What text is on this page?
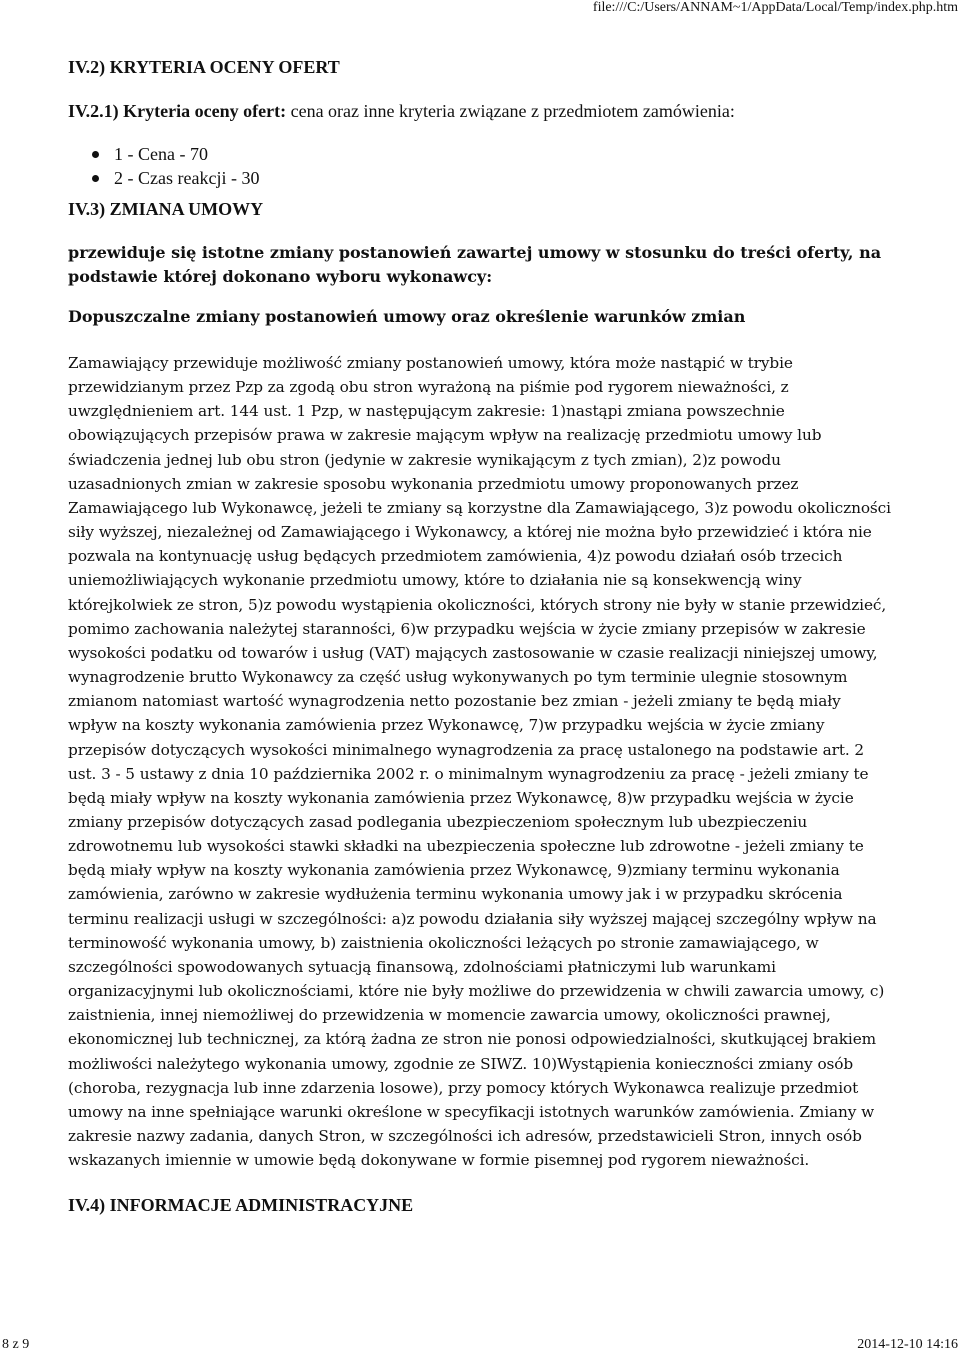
file:///C:/Users/ANNAM~1/AppData/Local/Temp/index.php.htm

IV.2) KRYTERIA OCENY OFERT

IV.2.1) Kryteria oceny ofert: cena oraz inne kryteria związane z przedmiotem zamówienia:

1 - Cena - 70
2 - Czas reakcji - 30

IV.3) ZMIANA UMOWY

przewiduje się istotne zmiany postanowień zawartej umowy w stosunku do treści oferty, na podstawie której dokonano wyboru wykonawcy:

Dopuszczalne zmiany postanowień umowy oraz określenie warunków zmian

Zamawiający przewiduje możliwość zmiany postanowień umowy, która może nastąpić w trybie przewidzianym przez Pzp za zgodą obu stron wyrażoną na piśmie pod rygorem nieważności, z uwzględnieniem art. 144 ust. 1 Pzp, w następującym zakresie: 1)nastąpi zmiana powszechnie obowiązujących przepisów prawa w zakresie mającym wpływ na realizację przedmiotu umowy lub świadczenia jednej lub obu stron (jedynie w zakresie wynikającym z tych zmian), 2)z powodu uzasadnionych zmian w zakresie sposobu wykonania przedmiotu umowy proponowanych przez Zamawiającego lub Wykonawcę, jeżeli te zmiany są korzystne dla Zamawiającego, 3)z powodu okoliczności siły wyższej, niezależnej od Zamawiającego i Wykonawcy, a której nie można było przewidzieć i która nie pozwala na kontynuację usług będących przedmiotem zamówienia, 4)z powodu działań osób trzecich uniemożliwiających wykonanie przedmiotu umowy, które to działania nie są konsekwencją winy którejkolwiek ze stron, 5)z powodu wystąpienia okoliczności, których strony nie były w stanie przewidzieć, pomimo zachowania należytej staranności, 6)w przypadku wejścia w życie zmiany przepisów w zakresie wysokości podatku od towarów i usług (VAT) mających zastosowanie w czasie realizacji niniejszej umowy, wynagrodzenie brutto Wykonawcy za część usług wykonywanych po tym terminie ulegnie stosownym zmianom natomiast wartość wynagrodzenia netto pozostanie bez zmian - jeżeli zmiany te będą miały wpływ na koszty wykonania zamówienia przez Wykonawcę, 7)w przypadku wejścia w życie zmiany przepisów dotyczących wysokości minimalnego wynagrodzenia za pracę ustalonego na podstawie art. 2 ust. 3 - 5 ustawy z dnia 10 października 2002 r. o minimalnym wynagrodzeniu za pracę - jeżeli zmiany te będą miały wpływ na koszty wykonania zamówienia przez Wykonawcę, 8)w przypadku wejścia w życie zmiany przepisów dotyczących zasad podlegania ubezpieczeniom społecznym lub ubezpieczeniu zdrowotnemu lub wysokości stawki składki na ubezpieczenia społeczne lub zdrowotne - jeżeli zmiany te będą miały wpływ na koszty wykonania zamówienia przez Wykonawcę, 9)zmiany terminu wykonania zamówienia, zarówno w zakresie wydłużenia terminu wykonania umowy jak i w przypadku skrócenia terminu realizacji usługi w szczególności: a)z powodu działania siły wyższej mającej szczególny wpływ na terminowość wykonania umowy, b) zaistnienia okoliczności leżących po stronie zamawiającego, w szczególności spowodowanych sytuacją finansową, zdolnościami płatniczymi lub warunkami organizacyjnymi lub okolicznościami, które nie były możliwe do przewidzenia w chwili zawarcia umowy, c) zaistnienia, innej niemożliwej do przewidzenia w momencie zawarcia umowy, okoliczności prawnej, ekonomicznej lub technicznej, za którą żadna ze stron nie ponosi odpowiedzialności, skutkującej brakiem możliwości należytego wykonania umowy, zgodnie ze SIWZ. 10)Wystąpienia konieczności zmiany osób (choroba, rezygnacja lub inne zdarzenia losowe), przy pomocy których Wykonawca realizuje przedmiot umowy na inne spełniające warunki określone w specyfikacji istotnych warunków zamówienia. Zmiany w zakresie nazwy zadania, danych Stron, w szczególności ich adresów, przedstawicieli Stron, innych osób wskazanych imiennie w umowie będą dokonywane w formie pisemnej pod rygorem nieważności.

IV.4) INFORMACJE ADMINISTRACYJNE

8 z 9	2014-12-10 14:16
